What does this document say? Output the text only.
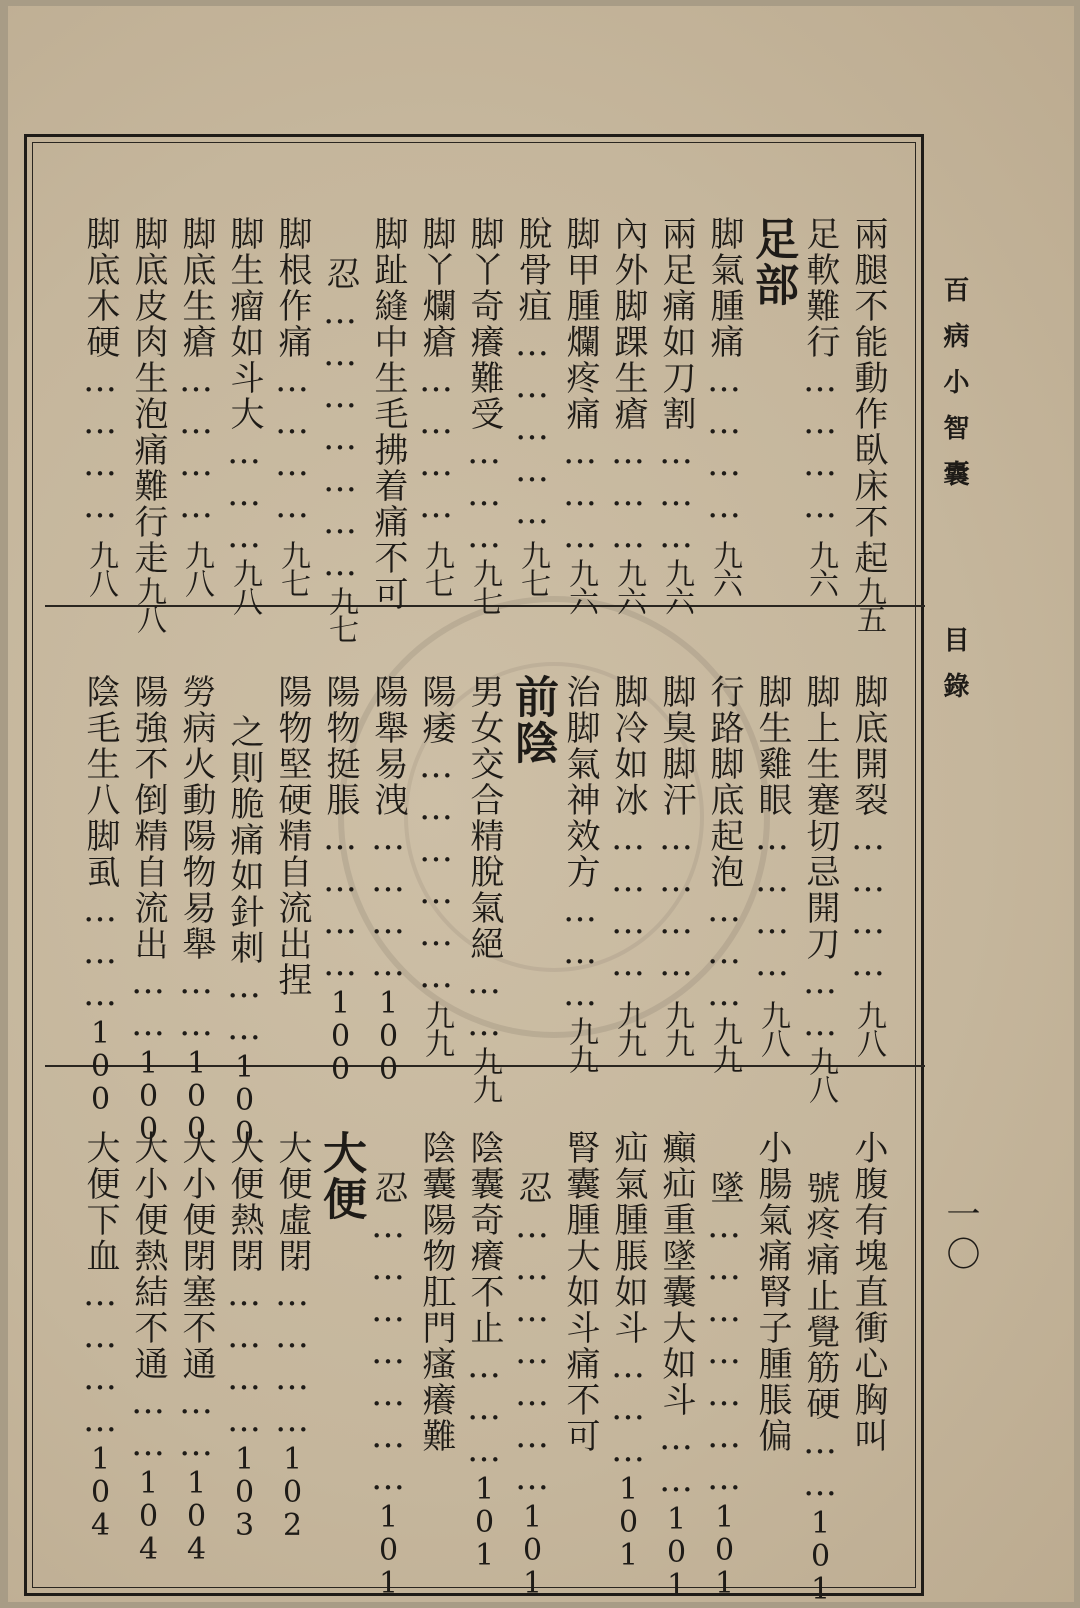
兩腿不能動作臥床不起
九五
足軟難行…………
九六
足部
脚氣腫痛…………
九六
兩足痛如刀割………
九六
內外脚踝生瘡………
九六
脚甲腫爛疼痛………
九六
脫骨疽……………
九七
脚丫奇癢難受………
九七
脚丫爛瘡…………
九七
脚趾縫中生毛拂着痛不可
忍…………………
九七
脚根作痛…………
九七
脚生瘤如斗大………
九八
脚底生瘡…………
九八
脚底皮肉生泡痛難行走
九八
脚底木硬…………
九八
脚底開裂…………
九八
脚上生蹇切忌開刀……
九八
脚生雞眼…………
九八
行路脚底起泡………
九九
脚臭脚汗…………
九九
脚冷如冰…………
九九
治脚氣神效方………
九九
前陰
男女交合精脫氣絕……
九九
陽痿………………
九九
陽舉易洩…………
100
陽物挺脹…………
100
陽物堅硬精自流出捏
之則脆痛如針刺……
100
勞病火動陽物易舉……
100
陽強不倒精自流出……
100
陰毛生八脚虱………
100
小腹有塊直衝心胸叫
號疼痛止覺筋硬……
101
小腸氣痛腎子腫脹偏
墜…………………
101
癲疝重墜囊大如斗……
101
疝氣腫脹如斗………
101
腎囊腫大如斗痛不可
忍…………………
101
陰囊奇癢不止………
101
陰囊陽物肛門瘙癢難
忍…………………
101
大便
大便虛閉…………
102
大便熱閉…………
103
大小便閉塞不通……
104
大小便熱結不通……
104
大便下血…………
104
百病小智囊
目錄
一〇
